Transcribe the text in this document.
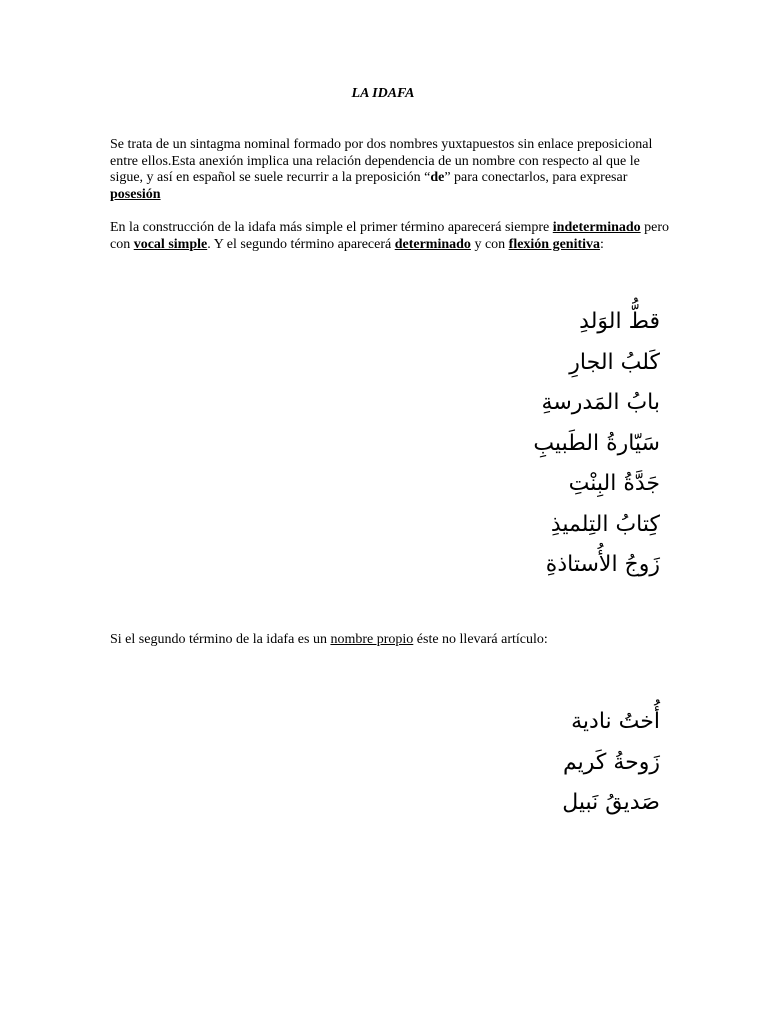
LA IDAFA

Se trata de un sintagma nominal formado por dos nombres yuxtapuestos sin enlace preposicional entre ellos.Esta anexión implica una relación dependencia de un nombre con respecto al que le sigue, y así en español se suele recurrir a la preposición “de” para conectarlos, para expresar posesión

En la construcción de la idafa más simple el primer término aparecerá siempre indeterminado pero con vocal simple. Y el segundo término aparecerá determinado y con flexión genitiva:

قطُّ الوَلدِ
كَلبُ الجارِ
بابُ المَدرسةِ
سَيّارةُ الطَبيبِ
جَدَّةُ البِنْتِ
كِتابُ التِلميذِ
زَوجُ الأُستاذةِ

Si el segundo término de la idafa es un nombre propio éste no llevará artículo:

أُختُ نادية
زَوحةُ كَريم
صَديقُ نَبيل
